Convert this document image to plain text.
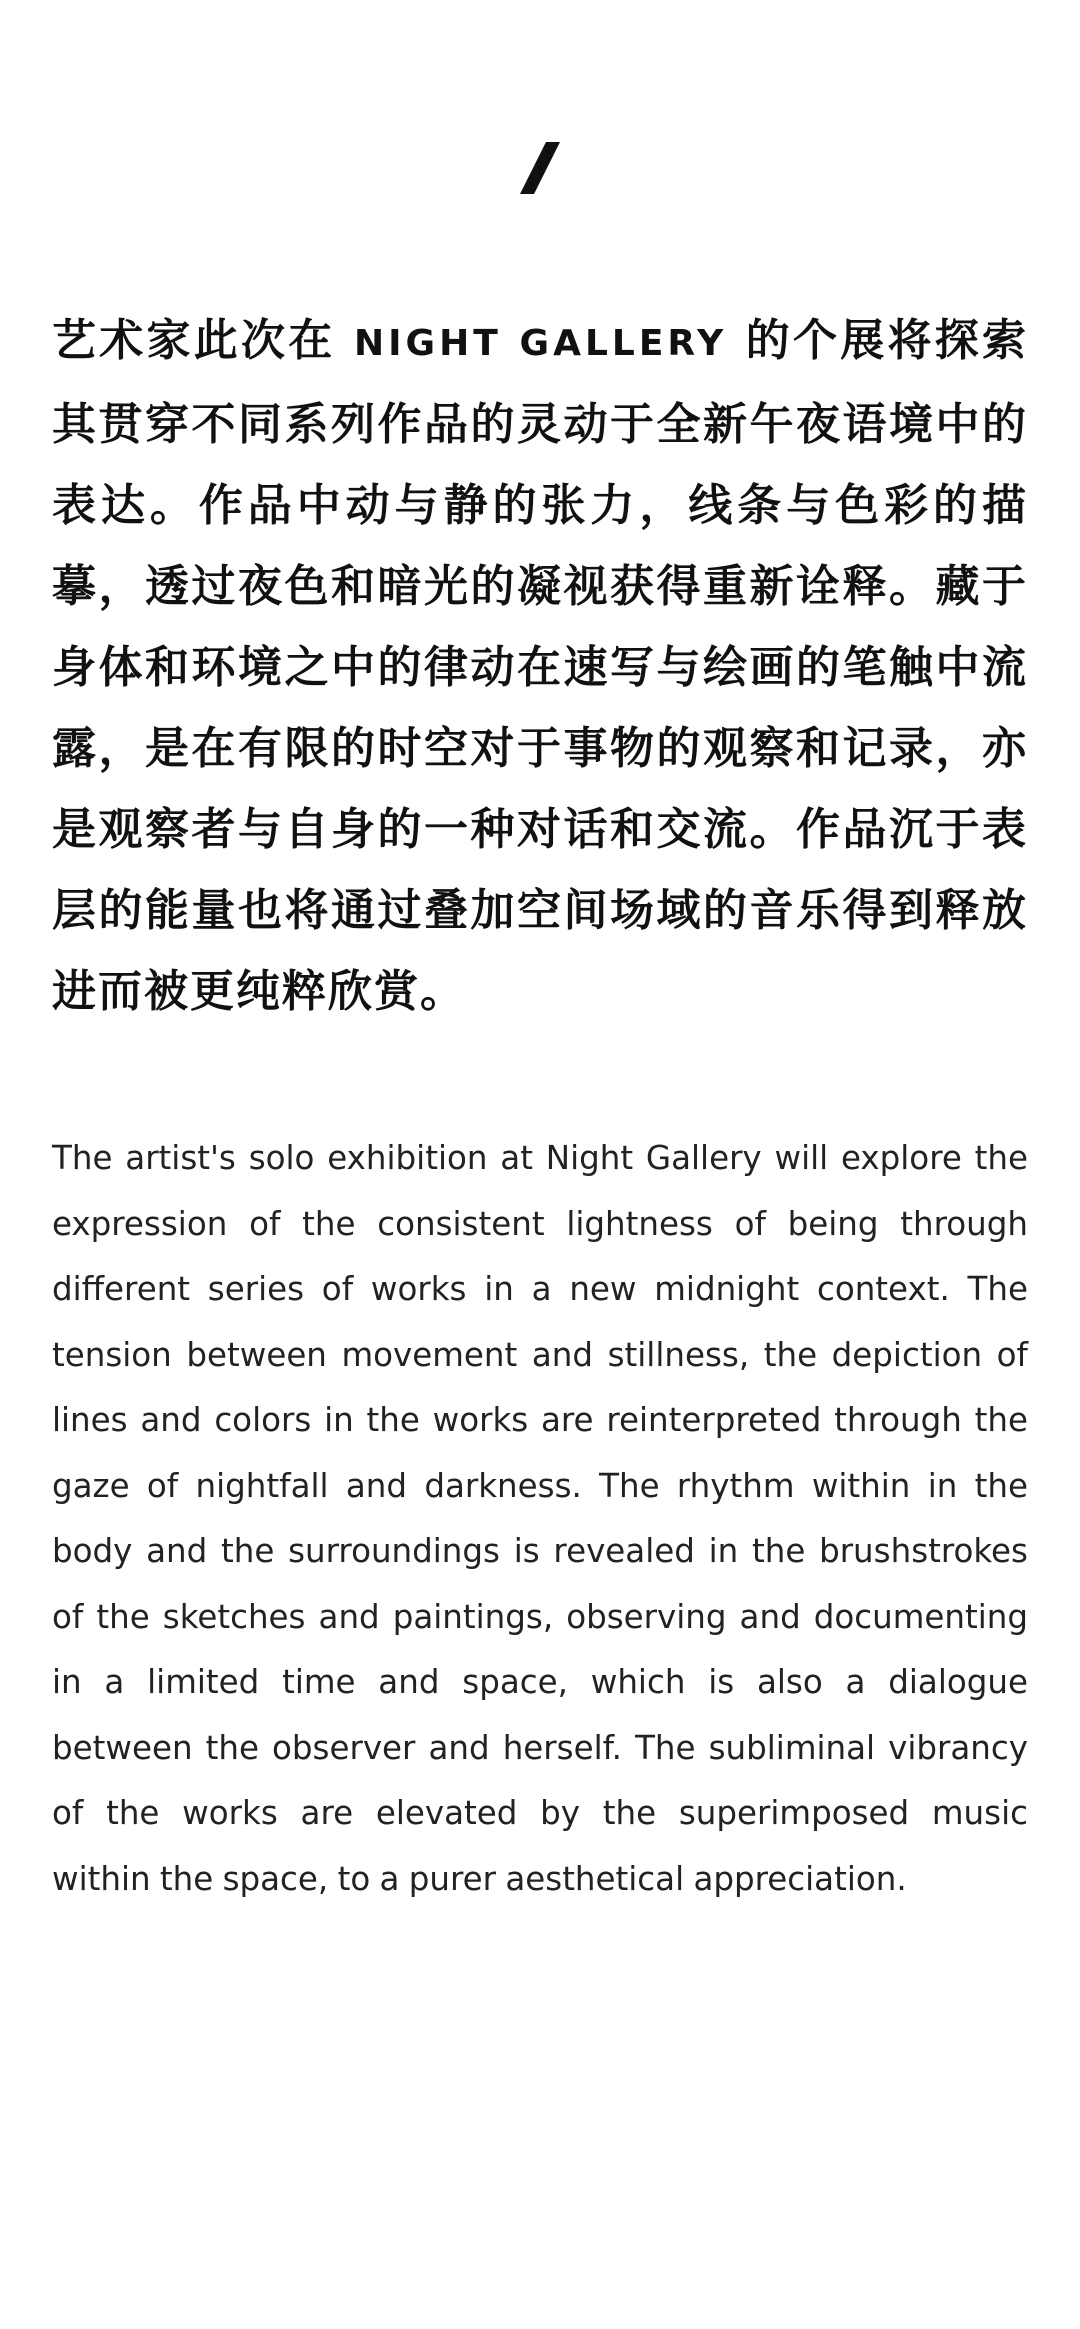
艺术家此次在 NIGHT GALLERY 的个展将探索其贯穿不同系列作品的灵动于全新午夜语境中的表达。作品中动与静的张力，线条与色彩的描摹，透过夜色和暗光的凝视获得重新诠释。藏于身体和环境之中的律动在速写与绘画的笔触中流露，是在有限的时空对于事物的观察和记录，亦是观察者与自身的一种对话和交流。作品沉于表层的能量也将通过叠加空间场域的音乐得到释放进而被更纯粹欣赏。

The artist's solo exhibition at Night Gallery will explore the expression of the consistent lightness of being through different series of works in a new midnight context. The tension between movement and stillness, the depiction of lines and colors in the works are reinterpreted through the gaze of nightfall and darkness. The rhythm within in the body and the surroundings is revealed in the brushstrokes of the sketches and paintings, observing and documenting in a limited time and space, which is also a dialogue between the observer and herself. The subliminal vibrancy of the works are elevated by the superimposed music within the space, to a purer aesthetical appreciation.
